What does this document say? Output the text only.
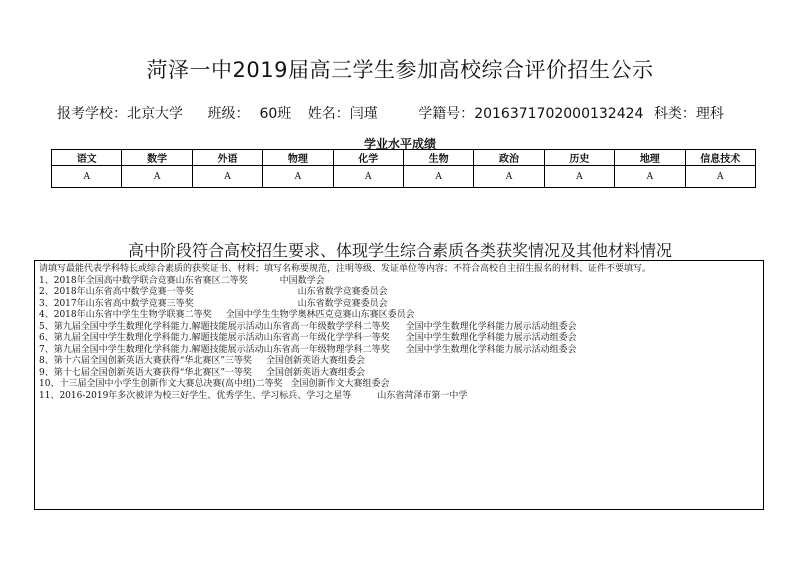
菏泽一中2019届高三学生参加高校综合评价招生公示
报考学校：北京大学 班级： 60班 姓名：闫瑾	学籍号：2016371702000132424 科类：理科
学业水平成绩
语文	数学	外语	物理	化学	生物	政治	历史	地理	信息技术
A	A	A	A	A	A	A	A	A	A
高中阶段符合高校招生要求、体现学生综合素质各类获奖情况及其他材料情况

请填写最能代表学科特长或综合素质的获奖证书、材料；填写名称要规范，注明等级、发证单位等内容；不符合高校自主招生报名的材料、证件不要填写。

1、2018年全国高中数学联合竞赛山东省赛区二等奖	中国数学会

2、2018年山东省高中数学竞赛一等奖	山东省数学竞赛委员会

3、2017年山东省高中数学竞赛三等奖	山东省数学竞赛委员会

4、2018年山东省中学生生物学联赛二等奖 全国中学生生物学奥林匹克竞赛山东赛区委员会

5、第九届全国中学生数理化学科能力.解题技能展示活动山东省高一年级数学学科二等奖 全国中学生数理化学科能力展示活动组委会

6、第九届全国中学生数理化学科能力.解题技能展示活动山东省高一年级化学学科一等奖 全国中学生数理化学科能力展示活动组委会

7、第九届全国中学生数理化学科能力.解题技能展示活动山东省高一年级物理学科二等奖 全国中学生数理化学科能力展示活动组委会

8、第十六届全国创新英语大赛获得“华北赛区”三等奖 全国创新英语大赛组委会

9、第十七届全国创新英语大赛获得“华北赛区”一等奖 全国创新英语大赛组委会

10、十三届全国中小学生创新作文大赛总决赛(高中组)二等奖 全国创新作文大赛组委会

11、2016-2019年多次被评为校三好学生、优秀学生、学习标兵、学习之星等	山东省菏泽市第一中学
